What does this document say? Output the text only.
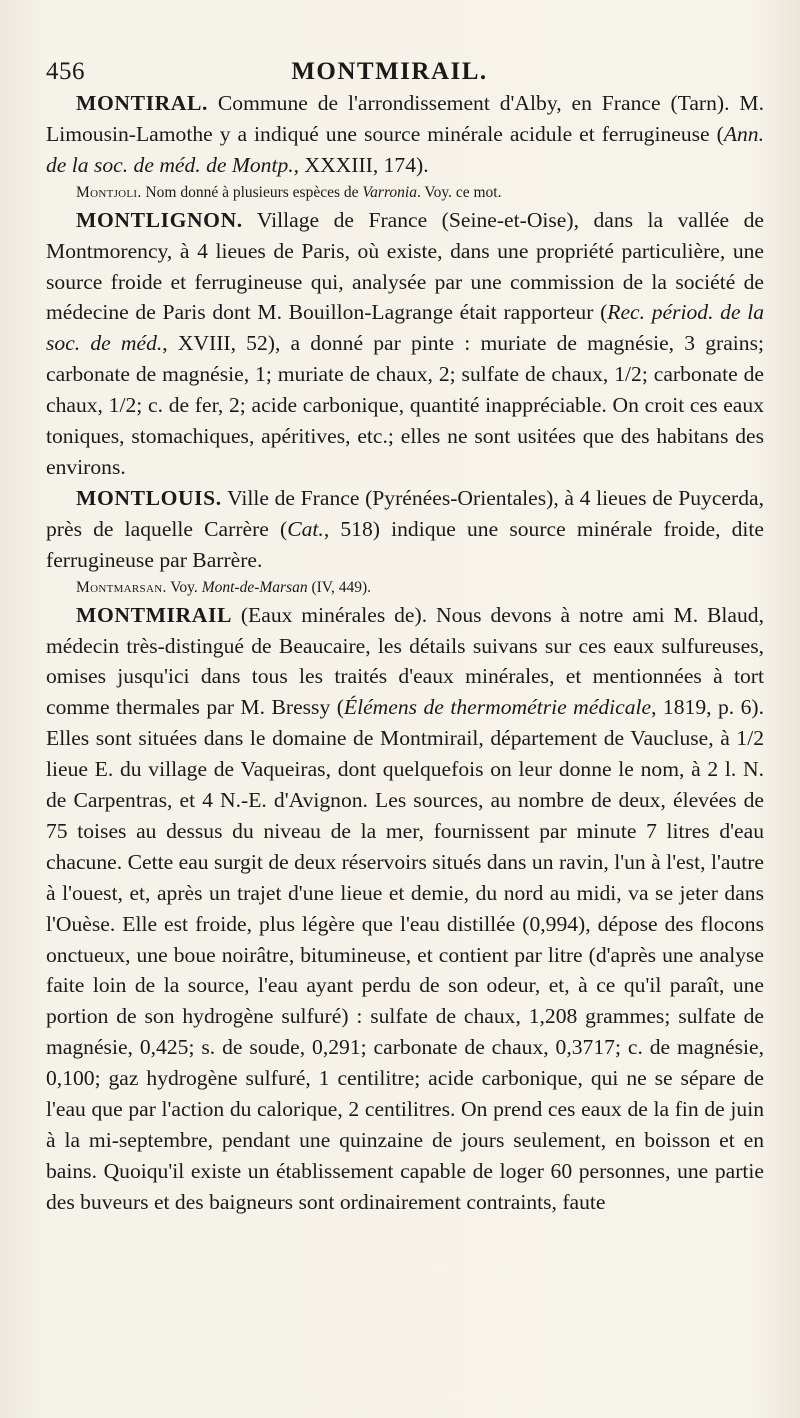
456	MONTMIRAIL.

MONTIRAL. Commune de l'arrondissement d'Alby, en France (Tarn). M. Limousin-Lamothe y a indiqué une source minérale acidule et ferrugineuse (Ann. de la soc. de méd. de Montp., XXXIII, 174).

Montjoli. Nom donné à plusieurs espèces de Varronia. Voy. ce mot.

MONTLIGNON. Village de France (Seine-et-Oise), dans la vallée de Montmorency, à 4 lieues de Paris, où existe, dans une propriété particulière, une source froide et ferrugineuse qui, analysée par une commission de la société de médecine de Paris dont M. Bouillon-Lagrange était rapporteur (Rec. périod. de la soc. de méd., XVIII, 52), a donné par pinte : muriate de magnésie, 3 grains; carbonate de magnésie, 1; muriate de chaux, 2; sulfate de chaux, 1/2; carbonate de chaux, 1/2; c. de fer, 2; acide carbonique, quantité inappréciable. On croit ces eaux toniques, stomachiques, apéritives, etc.; elles ne sont usitées que des habitans des environs.

MONTLOUIS. Ville de France (Pyrénées-Orientales), à 4 lieues de Puycerda, près de laquelle Carrère (Cat., 518) indique une source minérale froide, dite ferrugineuse par Barrère.

Montmarsan. Voy. Mont-de-Marsan (IV, 449).

MONTMIRAIL (Eaux minérales de). Nous devons à notre ami M. Blaud, médecin très-distingué de Beaucaire, les détails suivans sur ces eaux sulfureuses, omises jusqu'ici dans tous les traités d'eaux minérales, et mentionnées à tort comme thermales par M. Bressy (Élémens de thermométrie médicale, 1819, p. 6). Elles sont situées dans le domaine de Montmirail, département de Vaucluse, à 1/2 lieue E. du village de Vaqueiras, dont quelquefois on leur donne le nom, à 2 l. N. de Carpentras, et 4 N.-E. d'Avignon. Les sources, au nombre de deux, élevées de 75 toises au dessus du niveau de la mer, fournissent par minute 7 litres d'eau chacune. Cette eau surgit de deux réservoirs situés dans un ravin, l'un à l'est, l'autre à l'ouest, et, après un trajet d'une lieue et demie, du nord au midi, va se jeter dans l'Ouèse. Elle est froide, plus légère que l'eau distillée (0,994), dépose des flocons onctueux, une boue noirâtre, bitumineuse, et contient par litre (d'après une analyse faite loin de la source, l'eau ayant perdu de son odeur, et, à ce qu'il paraît, une portion de son hydrogène sulfuré) : sulfate de chaux, 1,208 grammes; sulfate de magnésie, 0,425; s. de soude, 0,291; carbonate de chaux, 0,3717; c. de magnésie, 0,100; gaz hydrogène sulfuré, 1 centilitre; acide carbonique, qui ne se sépare de l'eau que par l'action du calorique, 2 centilitres. On prend ces eaux de la fin de juin à la mi-septembre, pendant une quinzaine de jours seulement, en boisson et en bains. Quoiqu'il existe un établissement capable de loger 60 personnes, une partie des buveurs et des baigneurs sont ordinairement contraints, faute
